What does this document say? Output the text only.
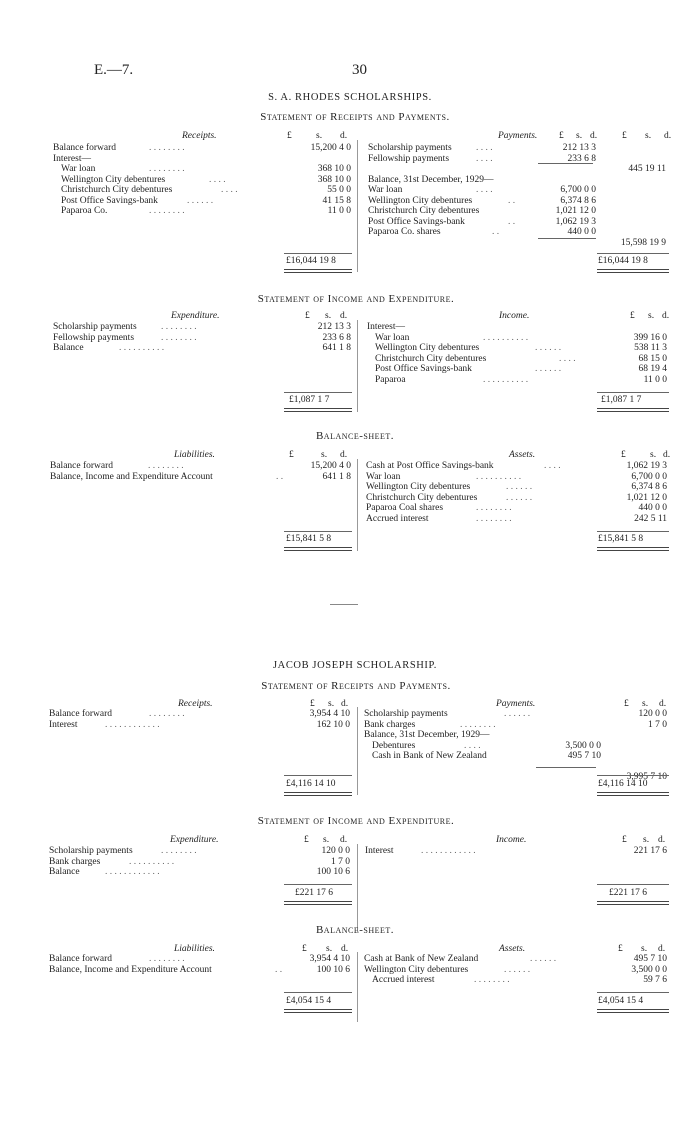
E.—7.	30
S. A. RHODES SCHOLARSHIPS.
Statement of Receipts and Payments.
Receipts.	£	s. d.	Payments. £ s. d.	£ s. d.
Balance forward	. . . . . . . .	15,200 4 0
Interest—
War loan	. . . . . . . .	368 10 0
Wellington City debentures	. . . .	368 10 0
Christchurch City debentures	. . . .	55 0 0
Post Office Savings-bank	. . . . . .	41 15 8
Paparoa Co.	. . . . . . . .	11 0 0
Scholarship payments	. . . .	212 13 3
Fellowship payments	. . . .	233 6 8
445 19 11
Balance, 31st December, 1929—
War loan	. . . .	6,700 0 0
Wellington City debentures	. .	6,374 8 6
Christchurch City debentures	1,021 12 0
Post Office Savings-bank	. .	1,062 19 3
Paparoa Co. shares	. .	440 0 0
15,598 19 9
£16,044 19 8	£16,044 19 8
Statement of Income and Expenditure.
Expenditure.	£ s. d.	Income.	£ s. d.
Scholarship payments	. . . . . . . .	212 13 3
Fellowship payments	. . . . . . . .	233 6 8
Balance	. . . . . . . . . .	641 1 8
Interest—
War loan	. . . . . . . . . .	399 16 0
Wellington City debentures	. . . . . .	538 11 3
Christchurch City debentures	. . . .	68 15 0
Post Office Savings-bank	. . . . . .	68 19 4
Paparoa	. . . . . . . . . .	11 0 0
£1,087 1 7	£1,087 1 7
Balance-sheet.
Liabilities.	£	s. d.	Assets.	£	s. d.
Balance forward	. . . . . . . .	15,200 4 0
Balance, Income and Expenditure Account	. .	641 1 8
Cash at Post Office Savings-bank	. . . .	1,062 19 3
War loan	. . . . . . . . . .	6,700 0 0
Wellington City debentures	. . . . . .	6,374 8 6
Christchurch City debentures	. . . . . .	1,021 12 0
Paparoa Coal shares	. . . . . . . .	440 0 0
Accrued interest	. . . . . . . .	242 5 11
£15,841 5 8	£15,841 5 8
JACOB JOSEPH SCHOLARSHIP.
Statement of Receipts and Payments.
Receipts.	£ s. d.	Payments.	£ s. d.
Balance forward	. . . . . . . .	3,954 4 10
Interest	. . . . . . . . . . . .	162 10 0
Scholarship payments	. . . . . .	120 0 0
Bank charges	. . . . . . . .	1 7 0
Balance, 31st December, 1929—
Debentures	. . . .	3,500 0 0
Cash in Bank of New Zealand	495 7 10
3,995 7 10
£4,116 14 10	£4,116 14 10
Statement of Income and Expenditure.
Expenditure.	£ s. d.	Income.	£ s. d.
Scholarship payments	. . . . . . . .	120 0 0
Bank charges	. . . . . . . . . .	1 7 0
Balance	. . . . . . . . . . . .	100 10 6
Interest	. . . . . . . . . . . .	221 17 6
£221 17 6	£221 17 6
Balance-sheet.
Liabilities.	£ s. d.	Assets.	£ s. d.
Balance forward	. . . . . . . .	3,954 4 10
Balance, Income and Expenditure Account	. .	100 10 6
Cash at Bank of New Zealand	. . . . . .	495 7 10
Wellington City debentures	. . . . . .	3,500 0 0
Accrued interest	. . . . . . . .	59 7 6
£4,054 15 4	£4,054 15 4
